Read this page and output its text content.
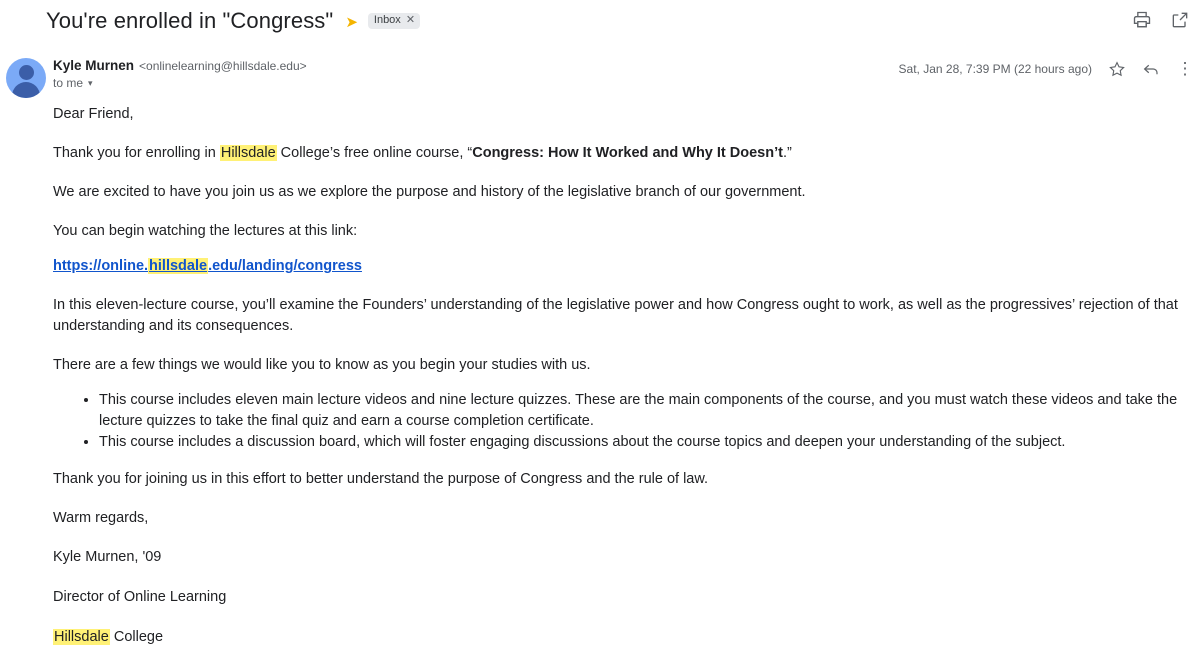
You're enrolled in "Congress" ➤ Inbox ✕
Kyle Murnen <onlinelearning@hillsdale.edu>
to me ▾
Sat, Jan 28, 7:39 PM (22 hours ago)	⋮

Dear Friend,

Thank you for enrolling in Hillsdale College’s free online course, “Congress: How It Worked and Why It Doesn’t.”

We are excited to have you join us as we explore the purpose and history of the legislative branch of our government.

You can begin watching the lectures at this link:

https://online.hillsdale.edu/landing/congress

In this eleven-lecture course, you’ll examine the Founders’ understanding of the legislative power and how Congress ought to work, as well as the progressives’ rejection of that understanding and its consequences.

There are a few things we would like you to know as you begin your studies with us.

• This course includes eleven main lecture videos and nine lecture quizzes. These are the main components of the course, and you must watch these videos and take the lecture quizzes to take the final quiz and earn a course completion certificate.
• This course includes a discussion board, which will foster engaging discussions about the course topics and deepen your understanding of the subject.

Thank you for joining us in this effort to better understand the purpose of Congress and the rule of law.

Warm regards,

Kyle Murnen, '09

Director of Online Learning

Hillsdale College
